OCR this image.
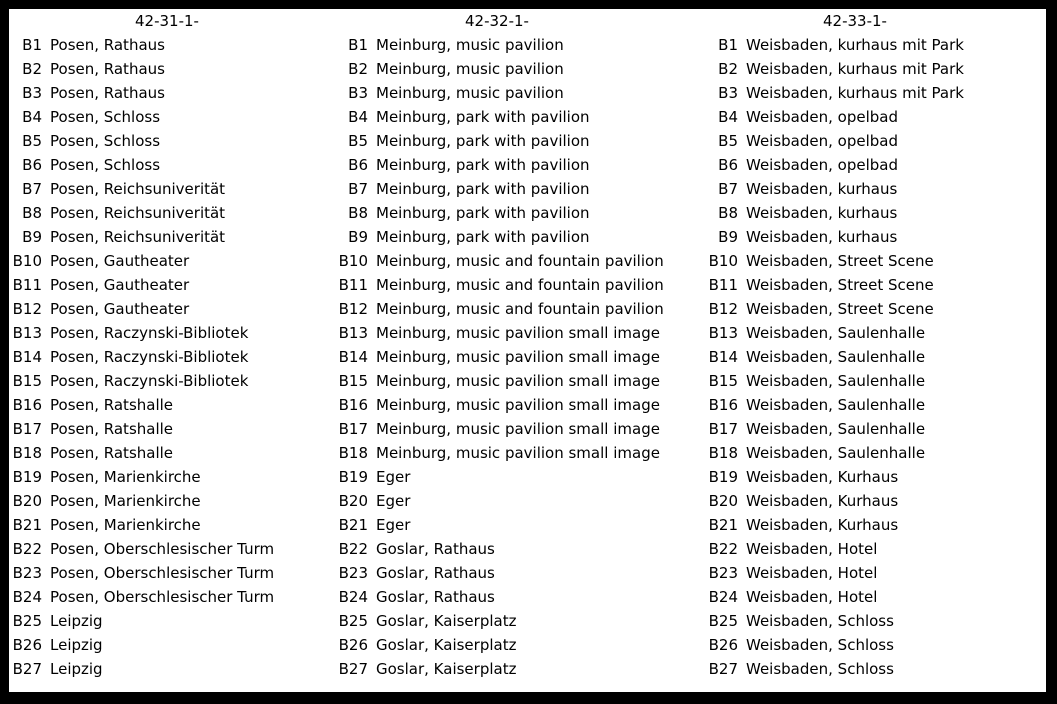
42-31-1-
B1 Posen, Rathaus
B2 Posen, Rathaus
B3 Posen, Rathaus
B4 Posen, Schloss
B5 Posen, Schloss
B6 Posen, Schloss
B7 Posen, Reichsuniverität
B8 Posen, Reichsuniverität
B9 Posen, Reichsuniverität
B10 Posen, Gautheater
B11 Posen, Gautheater
B12 Posen, Gautheater
B13 Posen, Raczynski-Bibliotek
B14 Posen, Raczynski-Bibliotek
B15 Posen, Raczynski-Bibliotek
B16 Posen, Ratshalle
B17 Posen, Ratshalle
B18 Posen, Ratshalle
B19 Posen, Marienkirche
B20 Posen, Marienkirche
B21 Posen, Marienkirche
B22 Posen, Oberschlesischer Turm
B23 Posen, Oberschlesischer Turm
B24 Posen, Oberschlesischer Turm
B25 Leipzig
B26 Leipzig
B27 Leipzig
42-32-1-
B1 Meinburg, music pavilion
B2 Meinburg, music pavilion
B3 Meinburg, music pavilion
B4 Meinburg, park with pavilion
B5 Meinburg, park with pavilion
B6 Meinburg, park with pavilion
B7 Meinburg, park with pavilion
B8 Meinburg, park with pavilion
B9 Meinburg, park with pavilion
B10 Meinburg, music and fountain pavilion
B11 Meinburg, music and fountain pavilion
B12 Meinburg, music and fountain pavilion
B13 Meinburg, music pavilion small image
B14 Meinburg, music pavilion small image
B15 Meinburg, music pavilion small image
B16 Meinburg, music pavilion small image
B17 Meinburg, music pavilion small image
B18 Meinburg, music pavilion small image
B19 Eger
B20 Eger
B21 Eger
B22 Goslar, Rathaus
B23 Goslar, Rathaus
B24 Goslar, Rathaus
B25 Goslar, Kaiserplatz
B26 Goslar, Kaiserplatz
B27 Goslar, Kaiserplatz
42-33-1-
B1 Weisbaden, kurhaus mit Park
B2 Weisbaden, kurhaus mit Park
B3 Weisbaden, kurhaus mit Park
B4 Weisbaden, opelbad
B5 Weisbaden, opelbad
B6 Weisbaden, opelbad
B7 Weisbaden, kurhaus
B8 Weisbaden, kurhaus
B9 Weisbaden, kurhaus
B10 Weisbaden, Street Scene
B11 Weisbaden, Street Scene
B12 Weisbaden, Street Scene
B13 Weisbaden, Saulenhalle
B14 Weisbaden, Saulenhalle
B15 Weisbaden, Saulenhalle
B16 Weisbaden, Saulenhalle
B17 Weisbaden, Saulenhalle
B18 Weisbaden, Saulenhalle
B19 Weisbaden, Kurhaus
B20 Weisbaden, Kurhaus
B21 Weisbaden, Kurhaus
B22 Weisbaden, Hotel
B23 Weisbaden, Hotel
B24 Weisbaden, Hotel
B25 Weisbaden, Schloss
B26 Weisbaden, Schloss
B27 Weisbaden, Schloss
